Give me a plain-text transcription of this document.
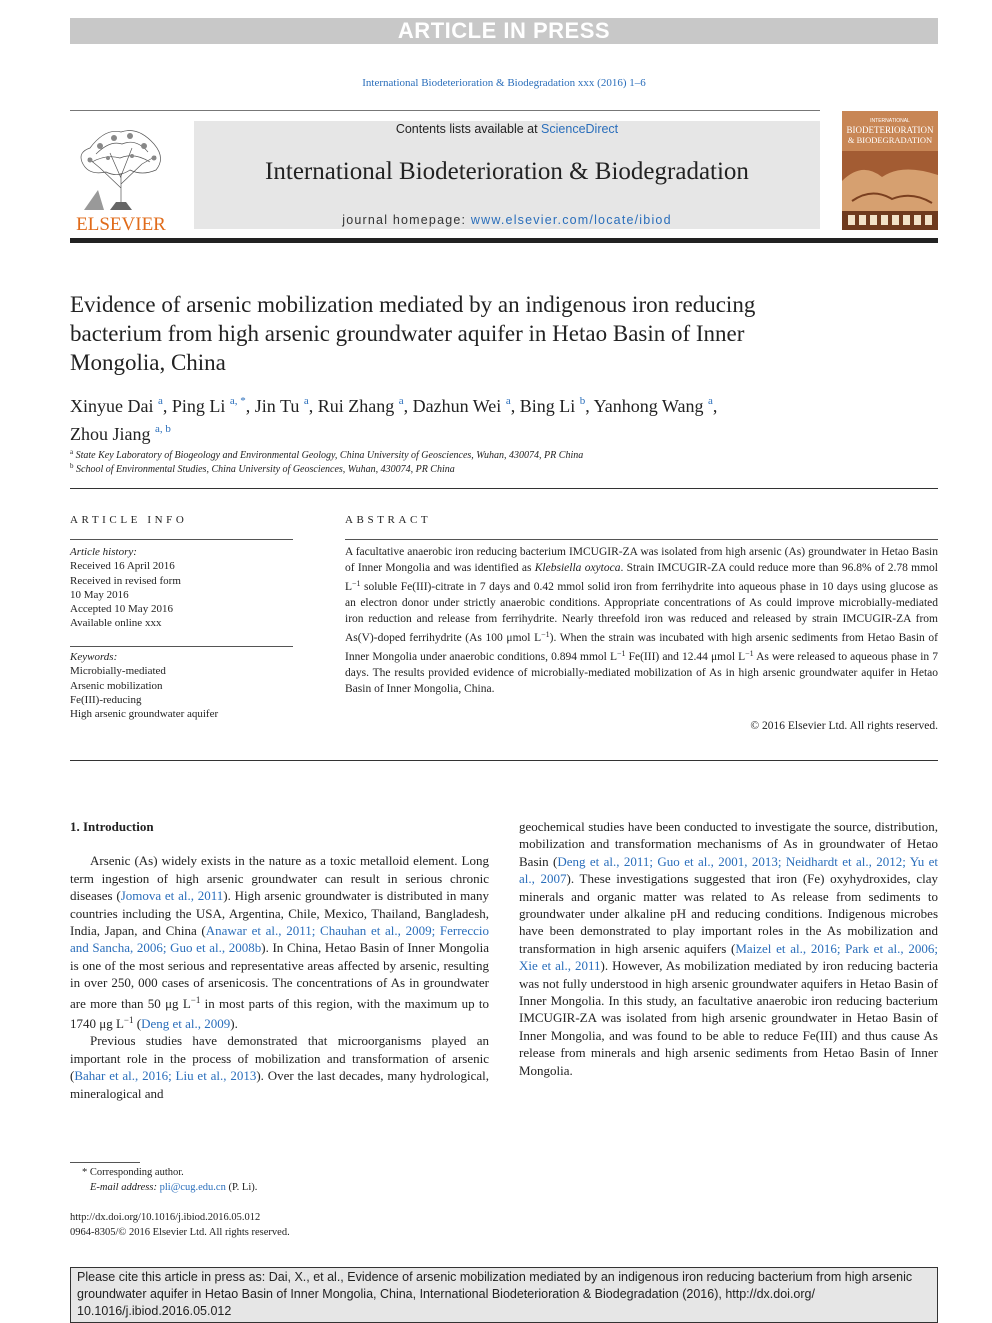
ARTICLE IN PRESS
International Biodeterioration & Biodegradation xxx (2016) 1–6
ELSEVIER
Contents lists available at ScienceDirect
International Biodeterioration & Biodegradation
journal homepage: www.elsevier.com/locate/ibiod
INTERNATIONAL
BIODETERIORATION
& BIODEGRADATION
Evidence of arsenic mobilization mediated by an indigenous iron reducing bacterium from high arsenic groundwater aquifer in Hetao Basin of Inner Mongolia, China
Xinyue Dai $^a$, Ping Li $^{a, *}$, Jin Tu $^a$, Rui Zhang $^a$, Dazhun Wei $^a$, Bing Li $^b$, Yanhong Wang $^a$,
Zhou Jiang $^{a, b}$
$^a$ State Key Laboratory of Biogeology and Environmental Geology, China University of Geosciences, Wuhan, 430074, PR China
$^b$ School of Environmental Studies, China University of Geosciences, Wuhan, 430074, PR China
ARTICLE INFO
Article history:
Received 16 April 2016
Received in revised form
10 May 2016
Accepted 10 May 2016
Available online xxx
Keywords:
Microbially-mediated
Arsenic mobilization
Fe(III)-reducing
High arsenic groundwater aquifer
ABSTRACT
A facultative anaerobic iron reducing bacterium IMCUGIR-ZA was isolated from high arsenic (As) groundwater in Hetao Basin of Inner Mongolia and was identified as Klebsiella oxytoca. Strain IMCUGIR-ZA could reduce more than 96.8% of 2.78 mmol $L^{-1}$ soluble Fe(III)-citrate in 7 days and 0.42 mmol solid iron from ferrihydrite into aqueous phase in 10 days using glucose as an electron donor under strictly anaerobic conditions. Appropriate concentrations of As could improve microbially-mediated iron reduction and release from ferrihydrite. Nearly threefold iron was reduced and released by strain IMCUGIR-ZA from As(V)-doped ferrihydrite (As 100 μmol $L^{-1}$). When the strain was incubated with high arsenic sediments from Hetao Basin of Inner Mongolia under anaerobic conditions, 0.894 mmol $L^{-1}$ Fe(III) and 12.44 μmol $L^{-1}$ As were released to aqueous phase in 7 days. The results provided evidence of microbially-mediated mobilization of As in high arsenic groundwater aquifer in Hetao Basin of Inner Mongolia, China.
© 2016 Elsevier Ltd. All rights reserved.
1. Introduction
Arsenic (As) widely exists in the nature as a toxic metalloid element. Long term ingestion of high arsenic groundwater can result in serious chronic diseases (Jomova et al., 2011). High arsenic groundwater is distributed in many countries including the USA, Argentina, Chile, Mexico, Thailand, Bangladesh, India, Japan, and China (Anawar et al., 2011; Chauhan et al., 2009; Ferreccio and Sancha, 2006; Guo et al., 2008b). In China, Hetao Basin of Inner Mongolia is one of the most serious and representative areas affected by arsenic, resulting in over 250, 000 cases of arsenicosis. The concentrations of As in groundwater are more than 50 μg $L^{-1}$ in most parts of this region, with the maximum up to 1740 μg $L^{-1}$ (Deng et al., 2009).
Previous studies have demonstrated that microorganisms played an important role in the process of mobilization and transformation of arsenic (Bahar et al., 2016; Liu et al., 2013). Over the last decades, many hydrological, mineralogical and
geochemical studies have been conducted to investigate the source, distribution, mobilization and transformation mechanisms of As in groundwater of Hetao Basin (Deng et al., 2011; Guo et al., 2001, 2013; Neidhardt et al., 2012; Yu et al., 2007). These investigations suggested that iron (Fe) oxyhydroxides, clay minerals and organic matter was related to As release from sediments to groundwater under alkaline pH and reducing conditions. Indigenous microbes have been demonstrated to play important roles in the As mobilization and transformation in high arsenic aquifers (Maizel et al., 2016; Park et al., 2006; Xie et al., 2011). However, As mobilization mediated by iron reducing bacteria was not fully understood in high arsenic groundwater aquifers in Hetao Basin of Inner Mongolia. In this study, an facultative anaerobic iron reducing bacterium IMCUGIR-ZA was isolated from high arsenic groundwater in Hetao Basin of Inner Mongolia, and was found to be able to reduce Fe(III) and thus cause As release from minerals and high arsenic sediments from Hetao Basin of Inner Mongolia.
* Corresponding author.
E-mail address: pli@cug.edu.cn (P. Li).
http://dx.doi.org/10.1016/j.ibiod.2016.05.012
0964-8305/© 2016 Elsevier Ltd. All rights reserved.
Please cite this article in press as: Dai, X., et al., Evidence of arsenic mobilization mediated by an indigenous iron reducing bacterium from high arsenic groundwater aquifer in Hetao Basin of Inner Mongolia, China, International Biodeterioration & Biodegradation (2016), http://dx.doi.org/ 10.1016/j.ibiod.2016.05.012
